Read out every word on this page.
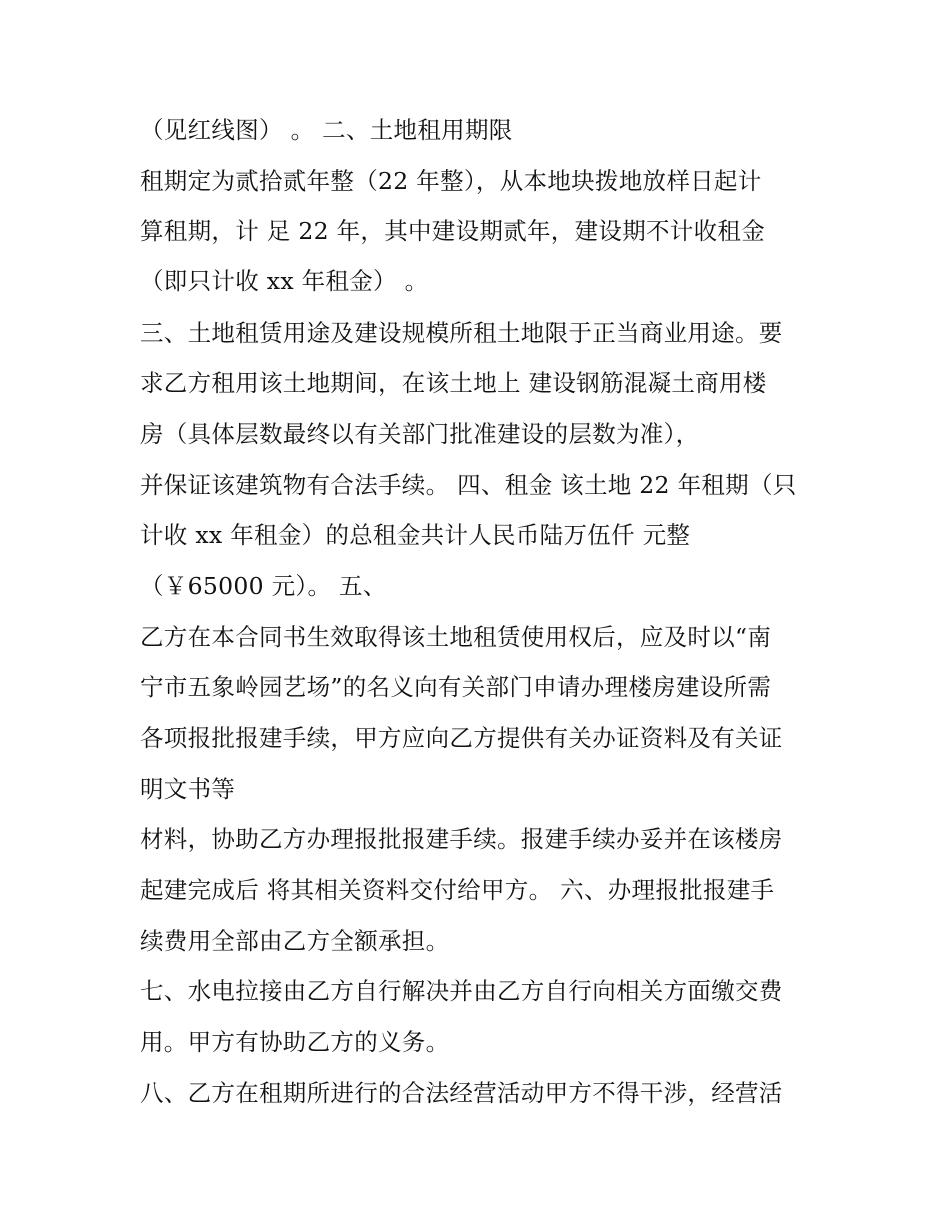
（见红线图） 。 二、土地租用期限
租期定为贰拾贰年整（22 年整），从本地块拨地放样日起计
算租期，计 足 22 年，其中建设期贰年，建设期不计收租金
（即只计收 xx 年租金） 。
三、土地租赁用途及建设规模所租土地限于正当商业用途。要
求乙方租用该土地期间，在该土地上 建设钢筋混凝土商用楼
房（具体层数最终以有关部门批准建设的层数为准），
并保证该建筑物有合法手续。 四、租金 该土地 22 年租期（只
计收 xx 年租金）的总租金共计人民币陆万伍仟 元整
（￥65000 元）。 五、
乙方在本合同书生效取得该土地租赁使用权后，应及时以“南
宁市五象岭园艺场”的名义向有关部门申请办理楼房建设所需
各项报批报建手续，甲方应向乙方提供有关办证资料及有关证
明文书等
材料，协助乙方办理报批报建手续。报建手续办妥并在该楼房
起建完成后 将其相关资料交付给甲方。 六、办理报批报建手
续费用全部由乙方全额承担。
七、水电拉接由乙方自行解决并由乙方自行向相关方面缴交费
用。甲方有协助乙方的义务。
八、乙方在租期所进行的合法经营活动甲方不得干涉，经营活
